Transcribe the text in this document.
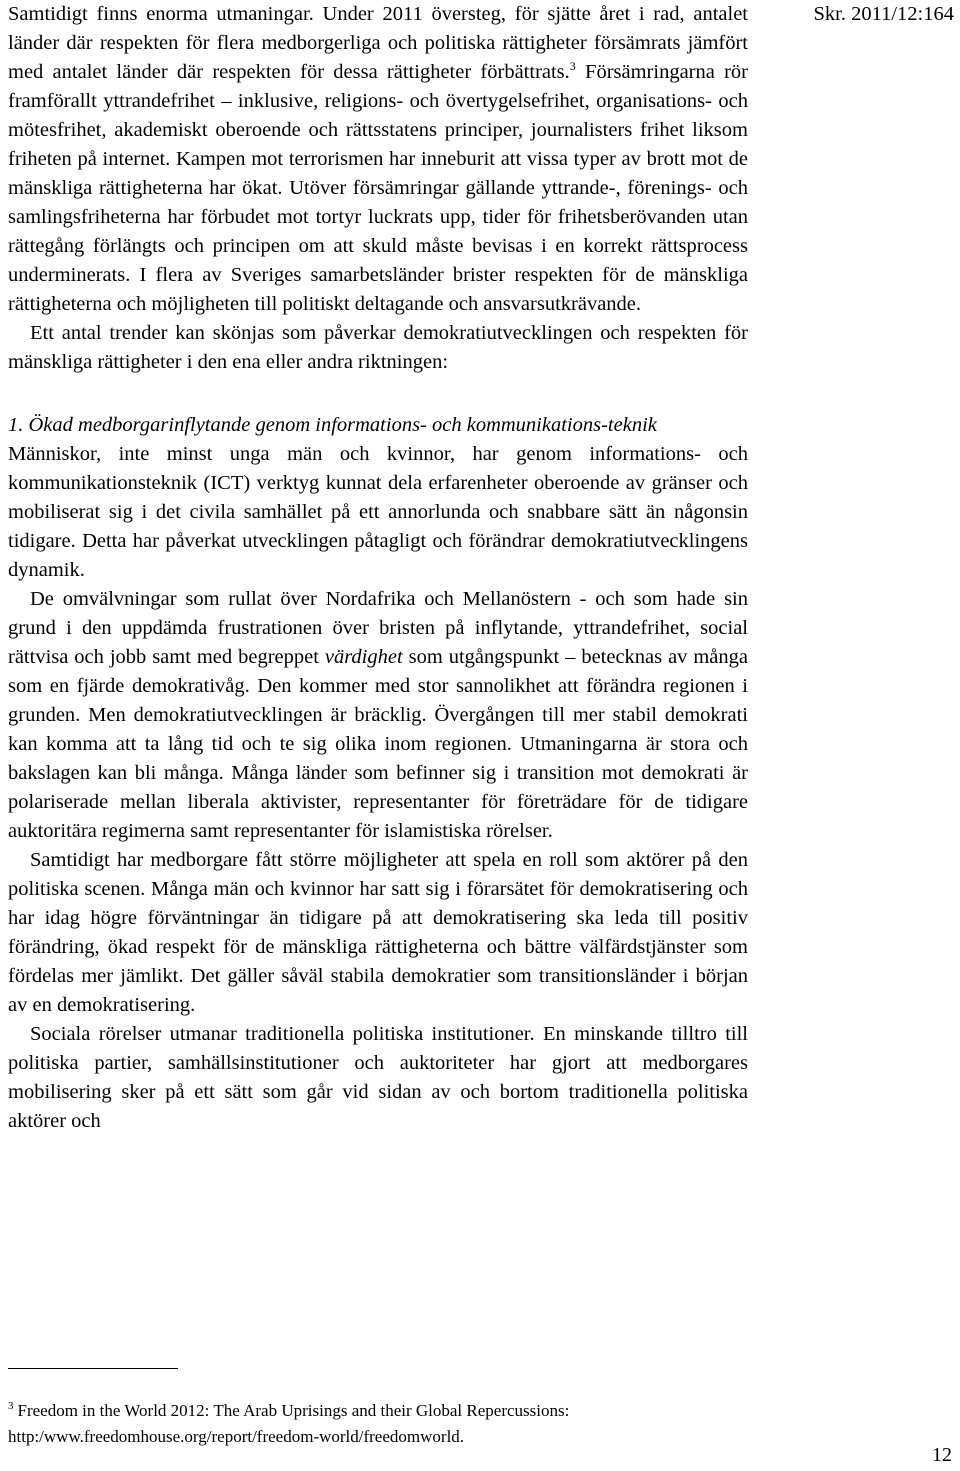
Skr. 2011/12:164

Samtidigt finns enorma utmaningar. Under 2011 översteg, för sjätte året i rad, antalet länder där respekten för flera medborgerliga och politiska rättigheter försämrats jämfört med antalet länder där respekten för dessa rättigheter förbättrats.$^3$ Försämringarna rör framförallt yttrandefrihet – inklusive, religions- och övertygelsefrihet, organisations- och mötesfrihet, akademiskt oberoende och rättsstatens principer, journalisters frihet liksom friheten på internet. Kampen mot terrorismen har inneburit att vissa typer av brott mot de mänskliga rättigheterna har ökat. Utöver försämringar gällande yttrande-, förenings- och samlingsfriheterna har förbudet mot tortyr luckrats upp, tider för frihetsberövanden utan rättegång förlängts och principen om att skuld måste bevisas i en korrekt rättsprocess underminerats. I flera av Sveriges samarbetsländer brister respekten för de mänskliga rättigheterna och möjligheten till politiskt deltagande och ansvarsutkrävande.

Ett antal trender kan skönjas som påverkar demokratiutvecklingen och respekten för mänskliga rättigheter i den ena eller andra riktningen:

1. Ökad medborgarinflytande genom informations- och kommunikations-teknik

Människor, inte minst unga män och kvinnor, har genom informations- och kommunikationsteknik (ICT) verktyg kunnat dela erfarenheter oberoende av gränser och mobiliserat sig i det civila samhället på ett annorlunda och snabbare sätt än någonsin tidigare. Detta har påverkat utvecklingen påtagligt och förändrar demokratiutvecklingens dynamik.

De omvälvningar som rullat över Nordafrika och Mellanöstern - och som hade sin grund i den uppdämda frustrationen över bristen på inflytande, yttrandefrihet, social rättvisa och jobb samt med begreppet värdighet som utgångspunkt – betecknas av många som en fjärde demokrativåg. Den kommer med stor sannolikhet att förändra regionen i grunden. Men demokratiutvecklingen är bräcklig. Övergången till mer stabil demokrati kan komma att ta lång tid och te sig olika inom regionen. Utmaningarna är stora och bakslagen kan bli många. Många länder som befinner sig i transition mot demokrati är polariserade mellan liberala aktivister, representanter för företrädare för de tidigare auktoritära regimerna samt representanter för islamistiska rörelser.

Samtidigt har medborgare fått större möjligheter att spela en roll som aktörer på den politiska scenen. Många män och kvinnor har satt sig i förarsätet för demokratisering och har idag högre förväntningar än tidigare på att demokratisering ska leda till positiv förändring, ökad respekt för de mänskliga rättigheterna och bättre välfärdstjänster som fördelas mer jämlikt. Det gäller såväl stabila demokratier som transitionsländer i början av en demokratisering.

Sociala rörelser utmanar traditionella politiska institutioner. En minskande tilltro till politiska partier, samhällsinstitutioner och auktoriteter har gjort att medborgares mobilisering sker på ett sätt som går vid sidan av och bortom traditionella politiska aktörer och

$^3$ Freedom in the World 2012: The Arab Uprisings and their Global Repercussions:
http:/www.freedomhouse.org/report/freedom-world/freedomworld.
12
